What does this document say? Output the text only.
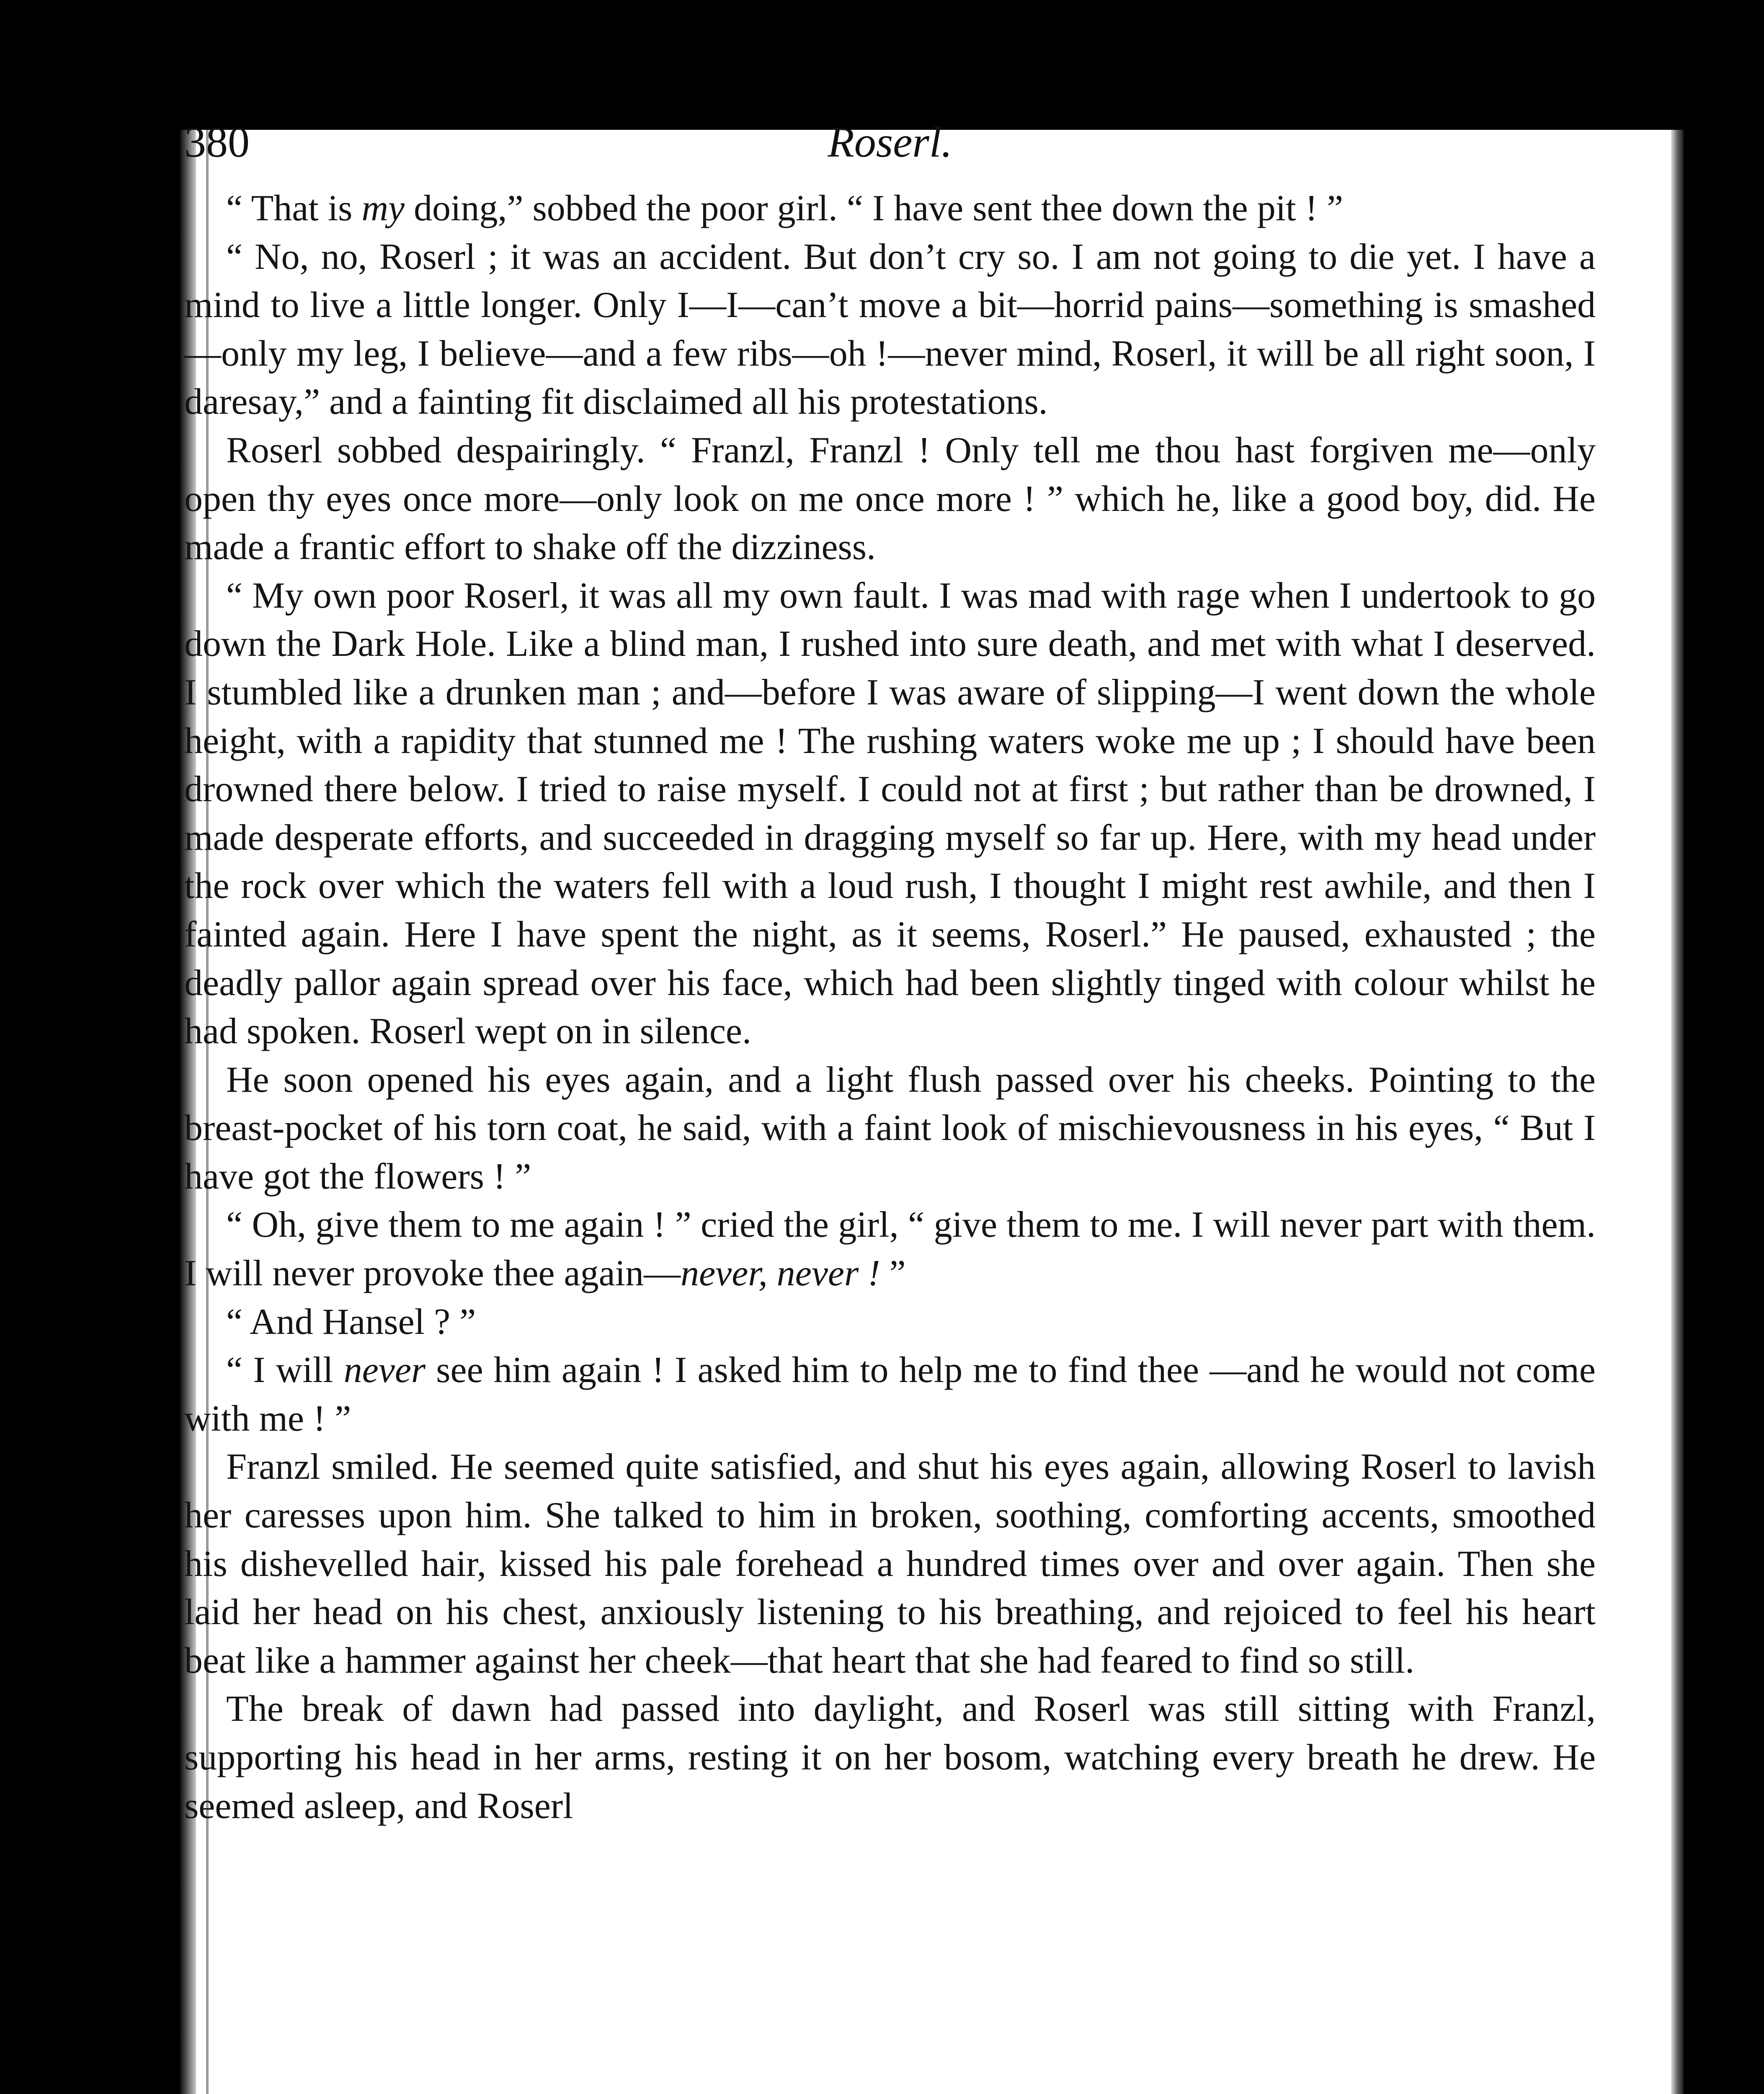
380	Roserl.

“ That is my doing,” sobbed the poor girl. “ I have sent thee down the pit ! ”

“ No, no, Roserl ; it was an accident. But don’t cry so. I am not going to die yet. I have a mind to live a little longer. Only I—I—can’t move a bit—horrid pains—something is smashed—only my leg, I believe—and a few ribs—oh !—never mind, Roserl, it will be all right soon, I daresay,” and a fainting fit disclaimed all his protestations.

Roserl sobbed despairingly. “ Franzl, Franzl ! Only tell me thou hast forgiven me—only open thy eyes once more—only look on me once more ! ” which he, like a good boy, did. He made a frantic effort to shake off the dizziness.

“ My own poor Roserl, it was all my own fault. I was mad with rage when I undertook to go down the Dark Hole. Like a blind man, I rushed into sure death, and met with what I deserved. I stumbled like a drunken man ; and—before I was aware of slipping—I went down the whole height, with a rapidity that stunned me ! The rushing waters woke me up ; I should have been drowned there below. I tried to raise myself. I could not at first ; but rather than be drowned, I made desperate efforts, and succeeded in dragging myself so far up. Here, with my head under the rock over which the waters fell with a loud rush, I thought I might rest awhile, and then I fainted again. Here I have spent the night, as it seems, Roserl.” He paused, exhausted ; the deadly pallor again spread over his face, which had been slightly tinged with colour whilst he had spoken. Roserl wept on in silence.

He soon opened his eyes again, and a light flush passed over his cheeks. Pointing to the breast-pocket of his torn coat, he said, with a faint look of mischievousness in his eyes, “ But I have got the flowers ! ”

“ Oh, give them to me again ! ” cried the girl, “ give them to me. I will never part with them. I will never provoke thee again—never, never ! ”

“ And Hansel ? ”

“ I will never see him again ! I asked him to help me to find thee —and he would not come with me ! ”

Franzl smiled. He seemed quite satisfied, and shut his eyes again, allowing Roserl to lavish her caresses upon him. She talked to him in broken, soothing, comforting accents, smoothed his dishevelled hair, kissed his pale forehead a hundred times over and over again. Then she laid her head on his chest, anxiously listening to his breathing, and rejoiced to feel his heart beat like a hammer against her cheek—that heart that she had feared to find so still.

The break of dawn had passed into daylight, and Roserl was still sitting with Franzl, supporting his head in her arms, resting it on her bosom, watching every breath he drew. He seemed asleep, and Roserl
